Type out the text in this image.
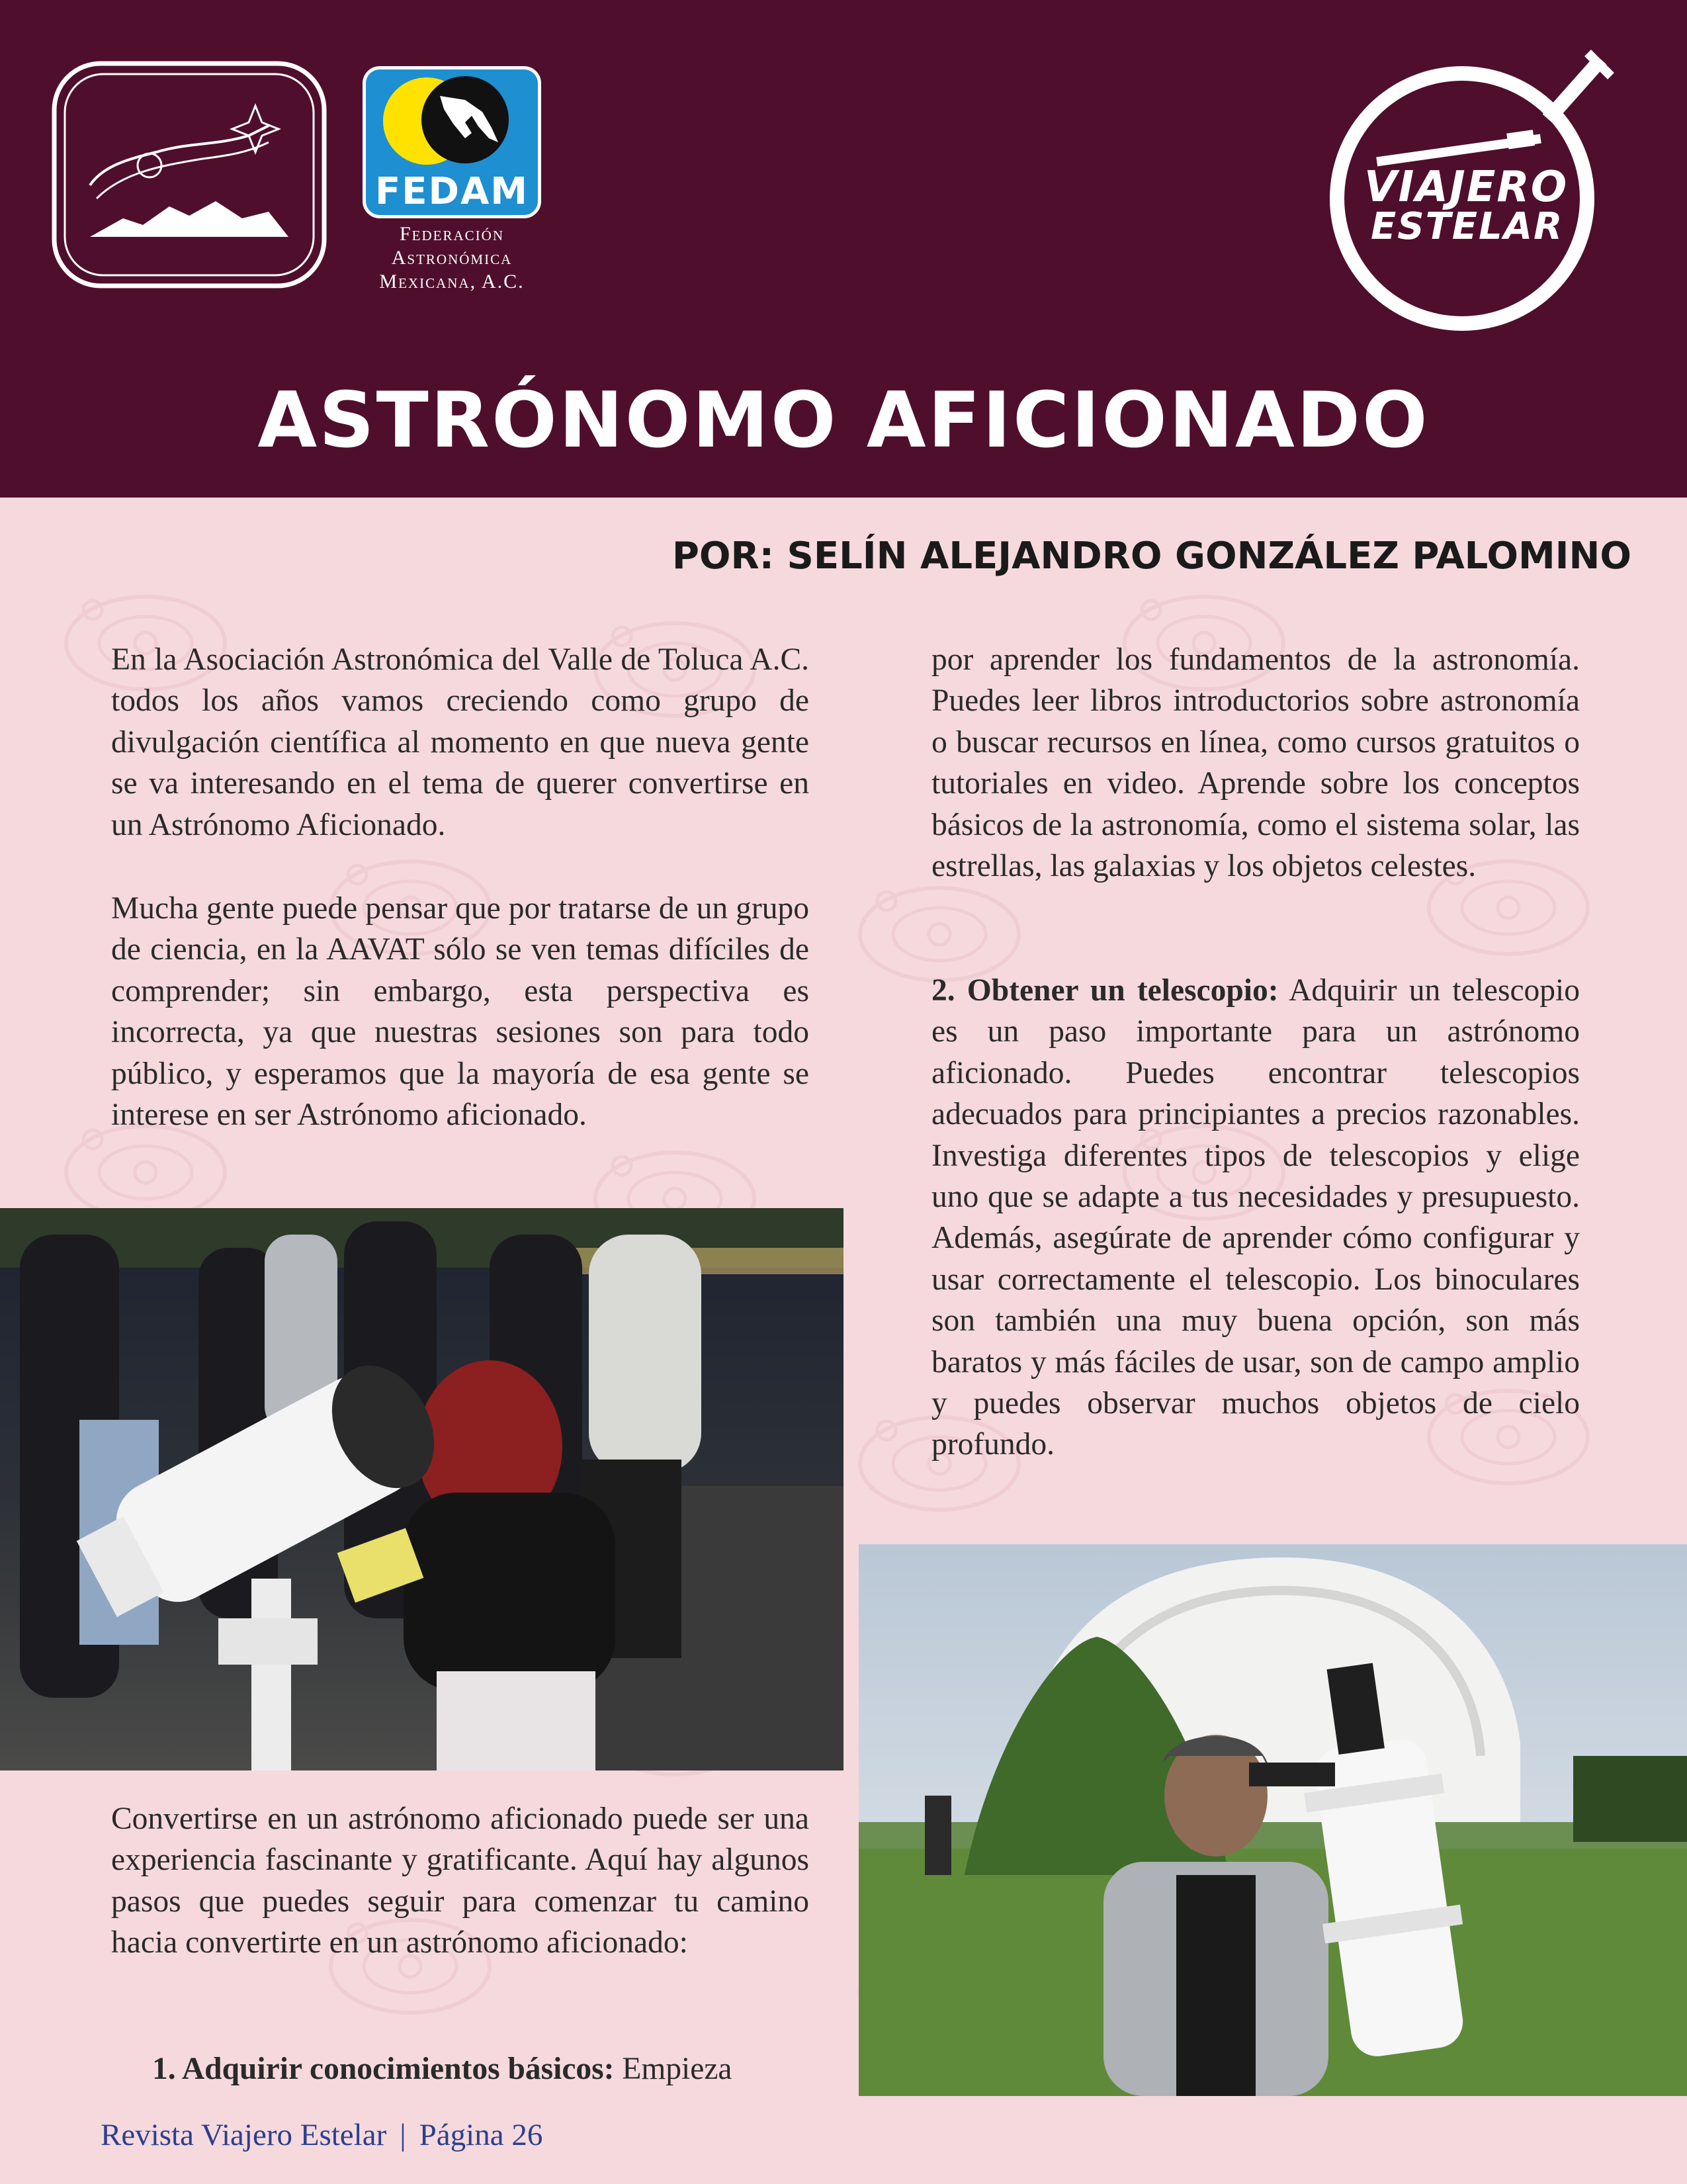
FEDAM
Federación
Astronómica
Mexicana, A.C.
VIAJERO
ESTELAR
ASTRÓNOMO AFICIONADO
POR: SELÍN ALEJANDRO GONZÁLEZ PALOMINO

En la Asociación Astronómica del Valle de Toluca A.C. todos los años vamos creciendo como grupo de divulgación científica al momento en que nueva gente se va interesando en el tema de querer convertirse en un Astrónomo Aficionado.

Mucha gente puede pensar que por tratarse de un grupo de ciencia, en la AAVAT sólo se ven temas difíciles de comprender; sin embargo, esta perspectiva es incorrecta, ya que nuestras sesiones son para todo público, y esperamos que la mayoría de esa gente se interese en ser Astrónomo aficionado.

Convertirse en un astrónomo aficionado puede ser una experiencia fascinante y gratificante. Aquí hay algunos pasos que puedes seguir para comenzar tu camino hacia convertirte en un astrónomo aficionado:

1. Adquirir conocimientos básicos: Empieza

por aprender los fundamentos de la astronomía. Puedes leer libros introductorios sobre astronomía o buscar recursos en línea, como cursos gratuitos o tutoriales en video. Aprende sobre los conceptos básicos de la astronomía, como el sistema solar, las estrellas, las galaxias y los objetos celestes.

2. Obtener un telescopio: Adquirir un telescopio es un paso importante para un astrónomo aficionado. Puedes encontrar telescopios adecuados para principiantes a precios razonables. Investiga diferentes tipos de telescopios y elige uno que se adapte a tus necesidades y presupuesto. Además, asegúrate de aprender cómo configurar y usar correctamente el telescopio. Los binoculares son también una muy buena opción, son más baratos y más fáciles de usar, son de campo amplio y puedes observar muchos objetos de cielo profundo.

Revista Viajero Estelar | Página 26
